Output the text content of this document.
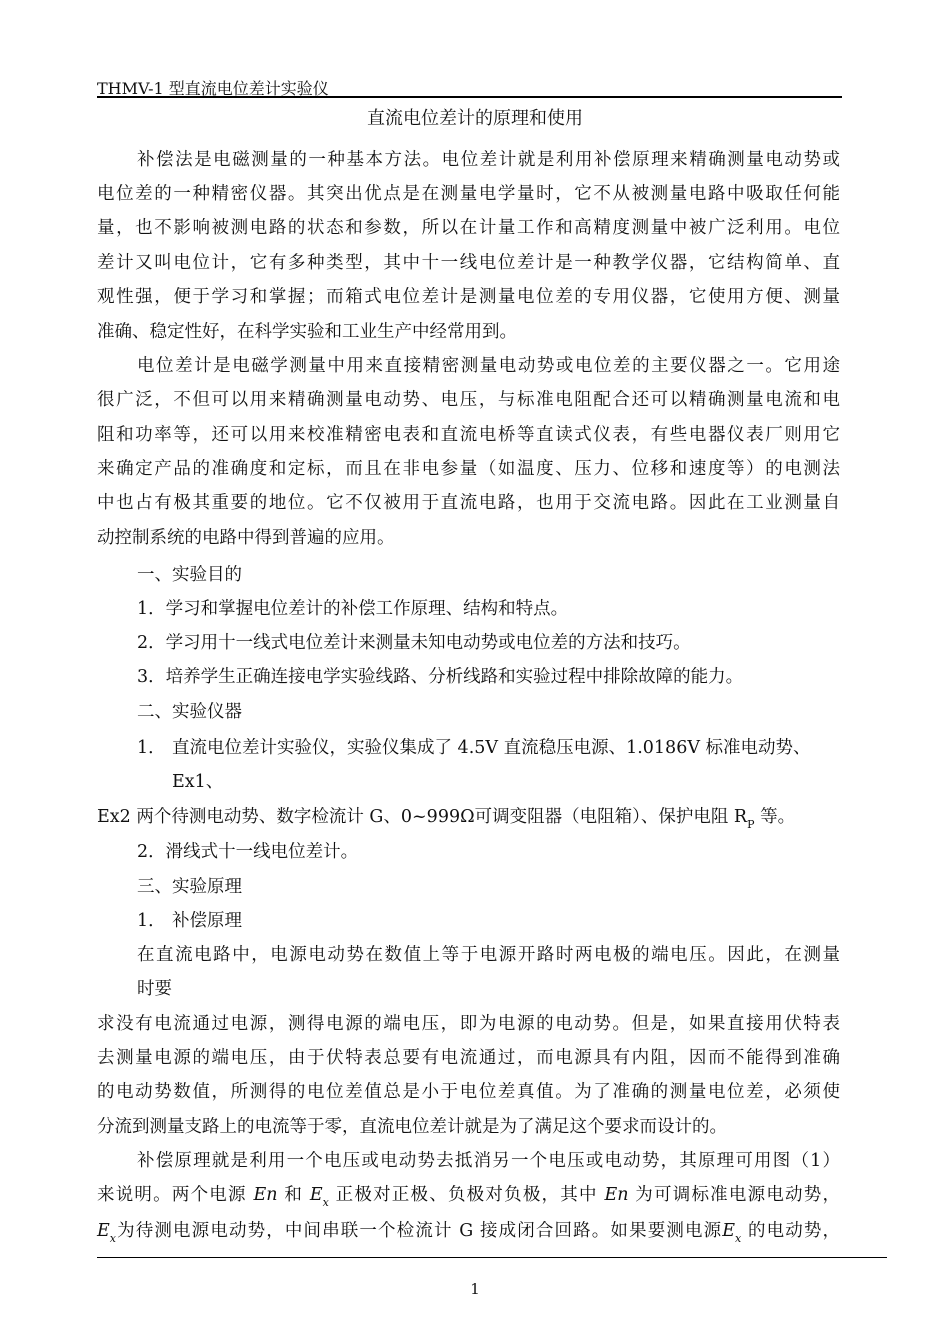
THMV-1 型直流电位差计实验仪
直流电位差计的原理和使用
补偿法是电磁测量的一种基本方法。电位差计就是利用补偿原理来精确测量电动势或
电位差的一种精密仪器。其突出优点是在测量电学量时，它不从被测量电路中吸取任何能
量，也不影响被测电路的状态和参数，所以在计量工作和高精度测量中被广泛利用。电位
差计又叫电位计，它有多种类型，其中十一线电位差计是一种教学仪器，它结构简单、直
观性强，便于学习和掌握；而箱式电位差计是测量电位差的专用仪器，它使用方便、测量
准确、稳定性好，在科学实验和工业生产中经常用到。
电位差计是电磁学测量中用来直接精密测量电动势或电位差的主要仪器之一。它用途
很广泛，不但可以用来精确测量电动势、电压，与标准电阻配合还可以精确测量电流和电
阻和功率等，还可以用来校准精密电表和直流电桥等直读式仪表，有些电器仪表厂则用它
来确定产品的准确度和定标，而且在非电参量（如温度、压力、位移和速度等）的电测法
中也占有极其重要的地位。它不仅被用于直流电路，也用于交流电路。因此在工业测量自
动控制系统的电路中得到普遍的应用。
一、实验目的
1．学习和掌握电位差计的补偿工作原理、结构和特点。
2．学习用十一线式电位差计来测量未知电动势或电位差的方法和技巧。
3．培养学生正确连接电学实验线路、分析线路和实验过程中排除故障的能力。
二、实验仪器
1． 直流电位差计实验仪，实验仪集成了 4.5V 直流稳压电源、1.0186V 标准电动势、
Ex1、
Ex2 两个待测电动势、数字检流计 G、0~999Ω可调变阻器（电阻箱）、保护电阻 $R_P$ 等。
2．滑线式十一线电位差计。
三、实验原理
1． 补偿原理
在直流电路中，电源电动势在数值上等于电源开路时两电极的端电压。因此，在测量
时要
求没有电流通过电源，测得电源的端电压，即为电源的电动势。但是，如果直接用伏特表
去测量电源的端电压，由于伏特表总要有电流通过，而电源具有内阻，因而不能得到准确
的电动势数值，所测得的电位差值总是小于电位差真值。为了准确的测量电位差，必须使
分流到测量支路上的电流等于零，直流电位差计就是为了满足这个要求而设计的。
补偿原理就是利用一个电压或电动势去抵消另一个电压或电动势，其原理可用图（1）
来说明。两个电源 En 和 $E_x$ 正极对正极、负极对负极，其中 En 为可调标准电源电动势，
$E_x$为待测电源电动势，中间串联一个检流计 G 接成闭合回路。如果要测电源$E_x$ 的电动势，
1
